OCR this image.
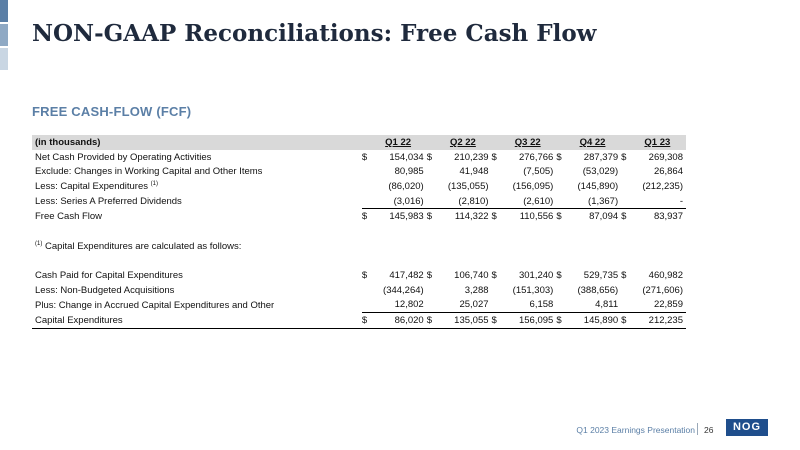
NON-GAAP Reconciliations: Free Cash Flow
FREE CASH-FLOW (FCF)
(in thousands)		Q1 22		Q2 22		Q3 22		Q4 22		Q1 23
Net Cash Provided by Operating Activities	$	154,034	$	210,239	$	276,766	$	287,379	$	269,308
Exclude: Changes in Working Capital and Other Items		80,985		41,948		(7,505)		(53,029)		26,864
Less: Capital Expenditures $^{(1)}$		(86,020)		(135,055)		(156,095)		(145,890)		(212,235)
Less: Series A Preferred Dividends		(3,016)		(2,810)		(2,610)		(1,367)		-
Free Cash Flow	$	145,983	$	114,322	$	110,556	$	87,094	$	83,937

$^{(1)}$ Capital Expenditures are calculated as follows:										

Cash Paid for Capital Expenditures	$	417,482	$	106,740	$	301,240	$	529,735	$	460,982
Less: Non-Budgeted Acquisitions		(344,264)		3,288		(151,303)		(388,656)		(271,606)
Plus: Change in Accrued Capital Expenditures and Other		12,802		25,027		6,158		4,811		22,859
Capital Expenditures	$	86,020	$	135,055	$	156,095	$	145,890	$	212,235
Q1 2023 Earnings Presentation 26	NOG
